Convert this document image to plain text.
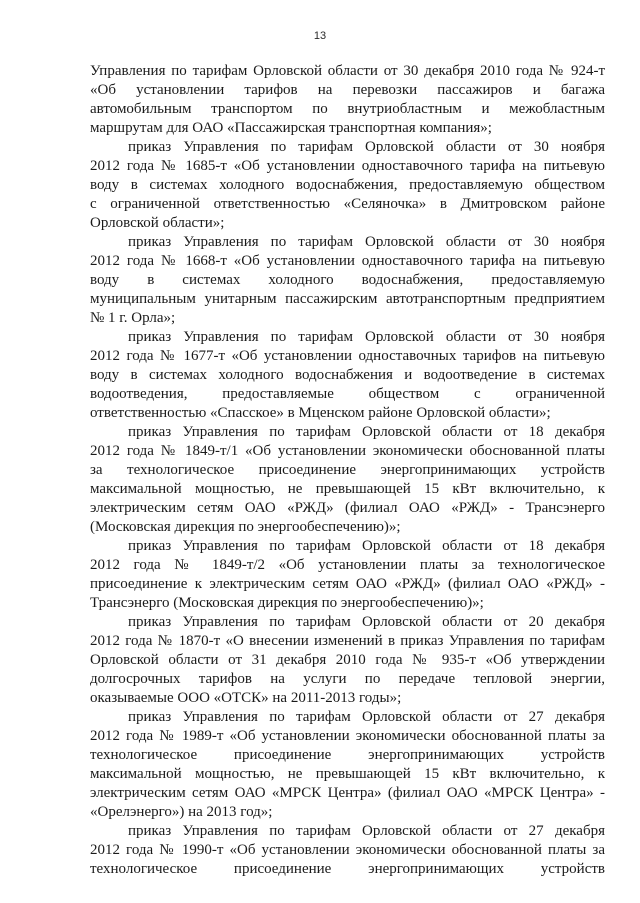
13
Управления по тарифам Орловской области от 30 декабря 2010 года № 924-т
«Об установлении тарифов на перевозки пассажиров и багажа
автомобильным транспортом по внутриобластным и межобластным
маршрутам для ОАО «Пассажирская транспортная компания»;
приказ Управления по тарифам Орловской области от 30 ноября
2012 года № 1685-т «Об установлении одноставочного тарифа на питьевую
воду в системах холодного водоснабжения, предоставляемую обществом
с ограниченной ответственностью «Селяночка» в Дмитровском районе
Орловской области»;
приказ Управления по тарифам Орловской области от 30 ноября
2012 года № 1668-т «Об установлении одноставочного тарифа на питьевую
воду в системах холодного водоснабжения, предоставляемую
муниципальным унитарным пассажирским автотранспортным предприятием
№ 1 г. Орла»;
приказ Управления по тарифам Орловской области от 30 ноября
2012 года № 1677-т «Об установлении одноставочных тарифов на питьевую
воду в системах холодного водоснабжения и водоотведение в системах
водоотведения, предоставляемые обществом с ограниченной
ответственностью «Спасское» в Мценском районе Орловской области»;
приказ Управления по тарифам Орловской области от 18 декабря
2012 года № 1849-т/1 «Об установлении экономически обоснованной платы
за технологическое присоединение энергопринимающих устройств
максимальной мощностью, не превышающей 15 кВт включительно, к
электрическим сетям ОАО «РЖД» (филиал ОАО «РЖД» - Трансэнерго
(Московская дирекция по энергообеспечению)»;
приказ Управления по тарифам Орловской области от 18 декабря
2012 года № 1849-т/2 «Об установлении платы за технологическое
присоединение к электрическим сетям ОАО «РЖД» (филиал ОАО «РЖД» -
Трансэнерго (Московская дирекция по энергообеспечению)»;
приказ Управления по тарифам Орловской области от 20 декабря
2012 года № 1870-т «О внесении изменений в приказ Управления по тарифам
Орловской области от 31 декабря 2010 года № 935-т «Об утверждении
долгосрочных тарифов на услуги по передаче тепловой энергии,
оказываемые ООО «ОТСК» на 2011-2013 годы»;
приказ Управления по тарифам Орловской области от 27 декабря
2012 года № 1989-т «Об установлении экономически обоснованной платы за
технологическое присоединение энергопринимающих устройств
максимальной мощностью, не превышающей 15 кВт включительно, к
электрическим сетям ОАО «МРСК Центра» (филиал ОАО «МРСК Центра» -
«Орелэнерго») на 2013 год»;
приказ Управления по тарифам Орловской области от 27 декабря
2012 года № 1990-т «Об установлении экономически обоснованной платы за
технологическое присоединение энергопринимающих устройств
